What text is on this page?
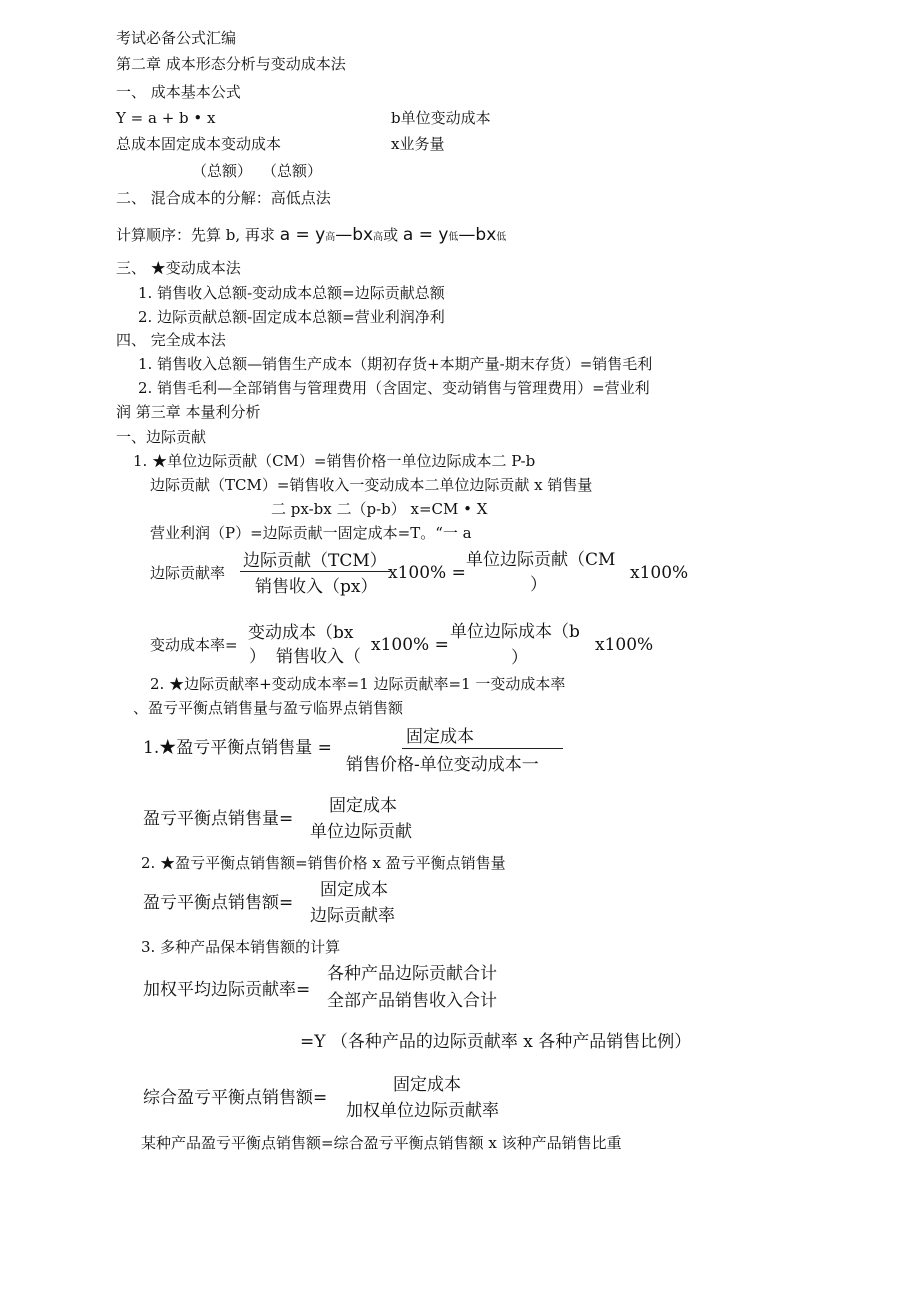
考试必备公式汇编
第二章 成本形态分析与变动成本法
一、 成本基本公式
Y = a + b • x	b单位变动成本
总成本固定成本变动成本	x业务量
（总额） （总额）
二、 混合成本的分解：高低点法
计算顺序：先算 b, 再求 a = y高—bx高或 a = y低—bx低
三、 ★变动成本法
1. 销售收入总额-变动成本总额=边际贡献总额
2. 边际贡献总额-固定成本总额=营业利润净利
四、 完全成本法
1. 销售收入总额—销售生产成本（期初存货+本期产量-期末存货）=销售毛利
2. 销售毛利—全部销售与管理费用（含固定、变动销售与管理费用）=营业利
润 第三章 本量利分析
一、边际贡献
1. ★单位边际贡献（CM）=销售价格一单位边际成本二 P-b
边际贡献（TCM）=销售收入一变动成本二单位边际贡献 x 销售量
二 px-bx 二（p-b） x=CM • X
营业利润（P）=边际贡献一固定成本=T。“一 a
边际贡献率
边际贡献（TCM）
销售收入（px）
x100% =
单位边际贡献（CM
）
x100%
变动成本率=
变动成本（bx
） 销售收入（
x100% =
单位边际成本（b
）
x100%
2. ★边际贡献率+变动成本率=1 边际贡献率=1 一变动成本率
、盈亏平衡点销售量与盈亏临界点销售额
1.★盈亏平衡点销售量 =
固定成本
销售价格-单位变动成本一
盈亏平衡点销售量=
固定成本
单位边际贡献
2. ★盈亏平衡点销售额=销售价格 x 盈亏平衡点销售量
盈亏平衡点销售额=
固定成本
边际贡献率
3. 多种产品保本销售额的计算
加权平均边际贡献率=
各种产品边际贡献合计
全部产品销售收入合计
=Y （各种产品的边际贡献率 x 各种产品销售比例）
综合盈亏平衡点销售额=
固定成本
加权单位边际贡献率
某种产品盈亏平衡点销售额=综合盈亏平衡点销售额 x 该种产品销售比重
